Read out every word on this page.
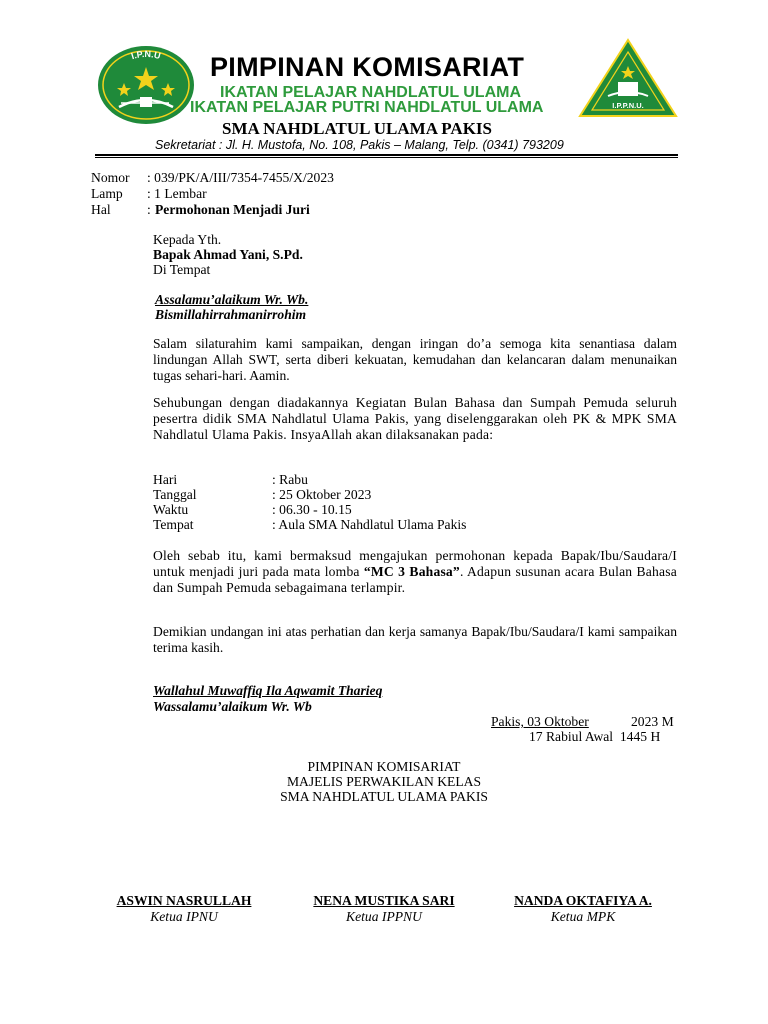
I.P.N.U
I.P.P.N.U.
PIMPINAN KOMISARIAT
IKATAN PELAJAR NAHDLATUL ULAMA
IKATAN PELAJAR PUTRI NAHDLATUL ULAMA
SMA NAHDLATUL ULAMA PAKIS
Sekretariat : Jl. H. Mustofa, No. 108, Pakis – Malang, Telp. (0341) 793209
Nomor : 039/PK/A/III/7354-7455/X/2023
Lamp : 1 Lembar
Hal	: Permohonan Menjadi Juri
Kepada Yth.
Bapak Ahmad Yani, S.Pd.
Di Tempat
Assalamu’alaikum Wr. Wb.
Bismillahirrahmanirrohim
Salam silaturahim kami sampaikan, dengan iringan do’a semoga kita senantiasa dalam lindungan Allah SWT, serta diberi kekuatan, kemudahan dan kelancaran dalam menunaikan tugas sehari-hari. Aamin.
Sehubungan dengan diadakannya Kegiatan Bulan Bahasa dan Sumpah Pemuda seluruh pesertra didik SMA Nahdlatul Ulama Pakis, yang diselenggarakan oleh PK & MPK SMA Nahdlatul Ulama Pakis. InsyaAllah akan dilaksanakan pada:
Hari	: Rabu
Tanggal	: 25 Oktober 2023
Waktu	: 06.30 - 10.15
Tempat	: Aula SMA Nahdlatul Ulama Pakis
Oleh sebab itu, kami bermaksud mengajukan permohonan kepada Bapak/Ibu/Saudara/I untuk menjadi juri pada mata lomba “MC 3 Bahasa”. Adapun susunan acara Bulan Bahasa dan Sumpah Pemuda sebagaimana terlampir.
Demikian undangan ini atas perhatian dan kerja samanya Bapak/Ibu/Saudara/I kami sampaikan terima kasih.
Wallahul Muwaffiq Ila Aqwamit Tharieq
Wassalamu’alaikum Wr. Wb
Pakis, 03 Oktober	2023 M
17 Rabiul Awal  1445 H
PIMPINAN KOMISARIAT
MAJELIS PERWAKILAN KELAS
SMA NAHDLATUL ULAMA PAKIS
ASWIN NASRULLAH
Ketua IPNU
NENA MUSTIKA SARI
Ketua IPPNU
NANDA OKTAFIYA A.
Ketua MPK
